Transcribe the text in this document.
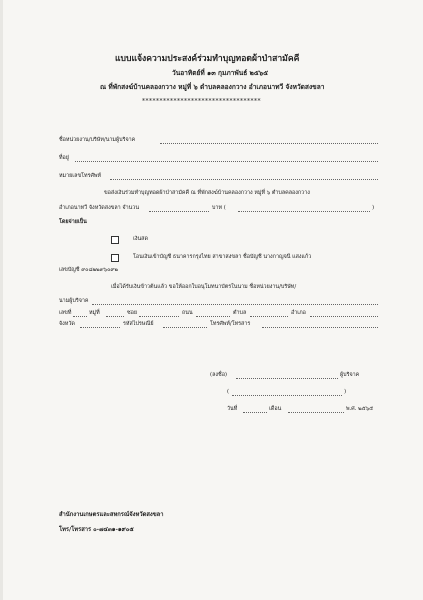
แบบแจ้งความประสงค์ร่วมทำบุญทอดผ้าป่าสามัคคี
วันอาทิตย์ที่ ๑๓ กุมภาพันธ์ ๒๕๖๕
ณ ที่พักสงฆ์บ้านคลองกวาง หมู่ที่ ๖ ตำบลคลองกวาง อำเภอนาทวี จังหวัดสงขลา
**********************************
ชื่อหน่วยงาน/บริษัท/นามผู้บริจาค
ที่อยู่
หมายเลขโทรศัพท์
ขอส่งเงินร่วมทำบุญทอดผ้าป่าสามัคคี ณ ที่พักสงฆ์บ้านคลองกวาง หมู่ที่ ๖ ตำบลคลองกวาง
อำเภอนาทวี จังหวัดสงขลา จำนวน	บาท (	)
โดยจ่ายเป็น
เงินสด
โอนเงินเข้าบัญชี ธนาคารกรุงไทย สาขาสงขลา ชื่อบัญชี นางกาญจนี แสงแก้ว
เลขบัญชี ๙๐๘๒๒๙๖๐๙๒
เมื่อได้รับเงินข้าวต้นแล้ว ขอให้ออกใบอนุโมทนาบัตรในนาม ชื่อหน่วยงาน/บริษัท/
นามผู้บริจาค
เลขที่	หมู่ที่	ซอย	ถนน	ตำบล	อำเภอ
จังหวัด	รหัสไปรษณีย์	โทรศัพท์/โทรสาร
(ลงชื่อ)	ผู้บริจาค
(	)
วันที่	เดือน	พ.ศ. ๒๕๖๕
สำนักงานเกษตรและสหกรณ์จังหวัดสงขลา
โทร/โทรสาร ๐-๗๔๓๑-๑๙๐๕
